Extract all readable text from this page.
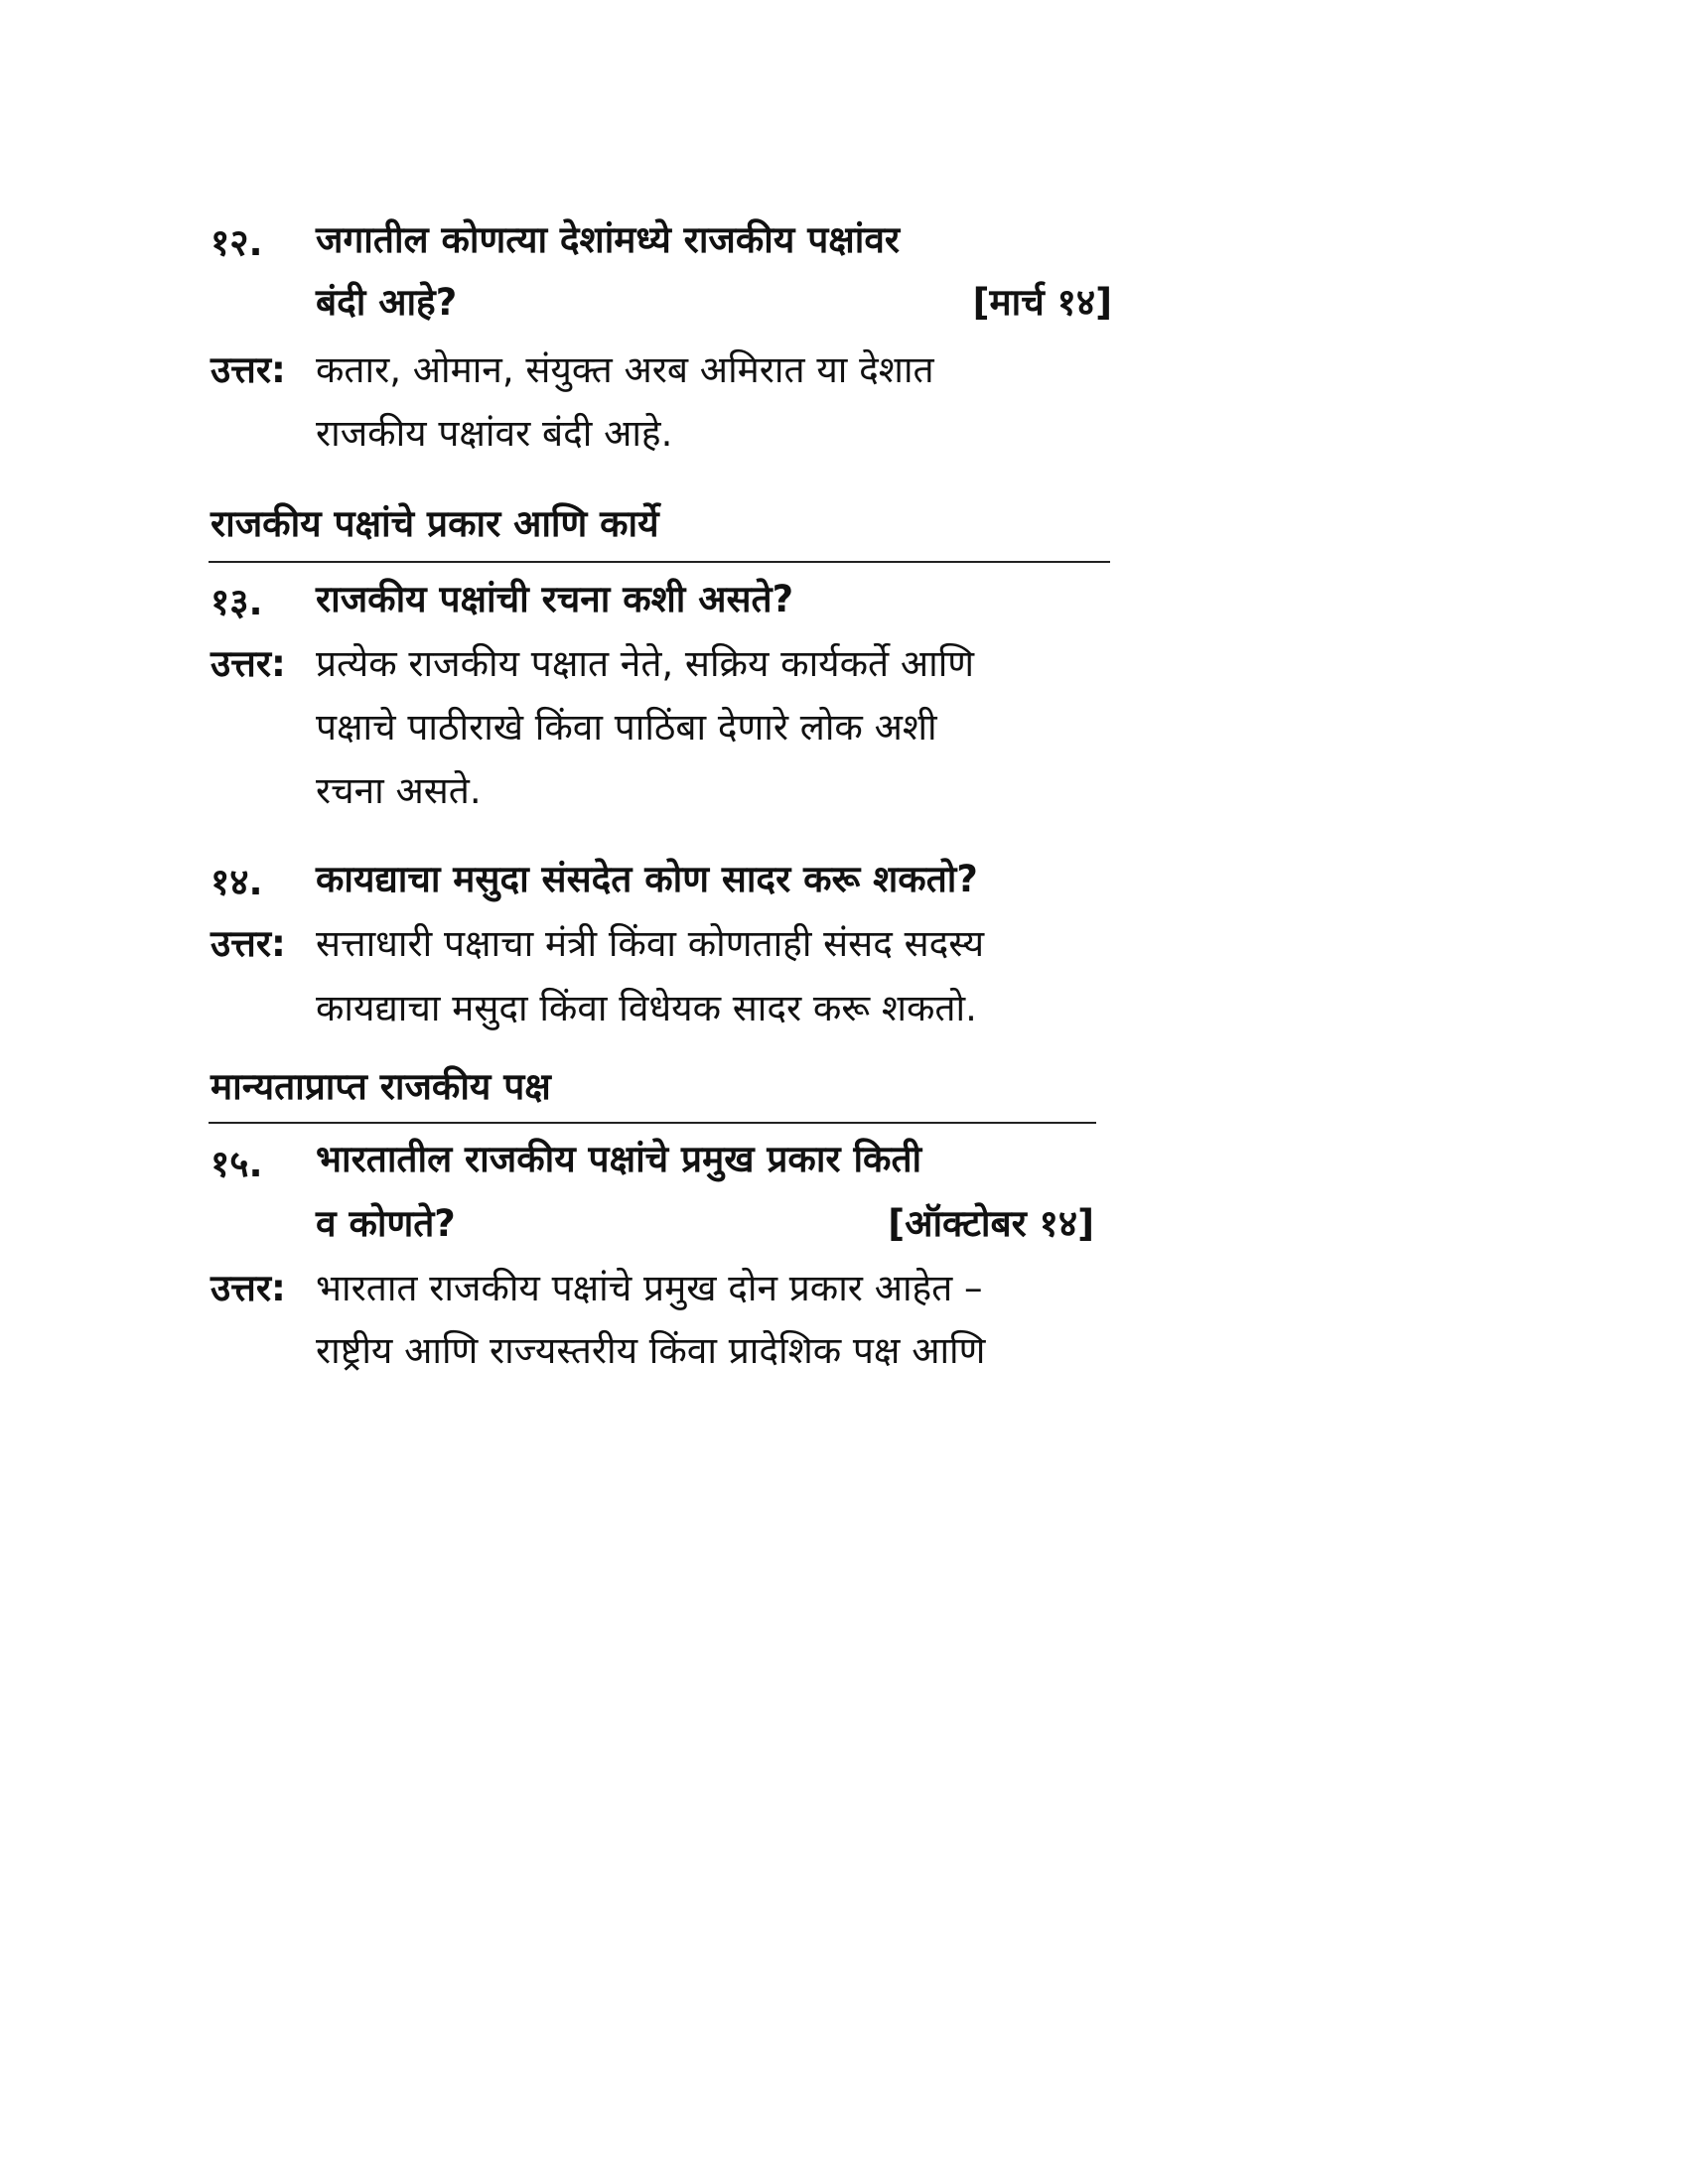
१२. जगातील कोणत्या देशांमध्ये राजकीय पक्षांवर
बंदी आहे?	[मार्च १४]
उत्तर: कतार, ओमान, संयुक्त अरब अमिरात या देशात
राजकीय पक्षांवर बंदी आहे.
राजकीय पक्षांचे प्रकार आणि कार्ये
१३. राजकीय पक्षांची रचना कशी असते?
उत्तर: प्रत्येक राजकीय पक्षात नेते, सक्रिय कार्यकर्ते आणि
पक्षाचे पाठीराखे किंवा पाठिंबा देणारे लोक अशी
रचना असते.
१४. कायद्याचा मसुदा संसदेत कोण सादर करू शकतो?
उत्तर: सत्ताधारी पक्षाचा मंत्री किंवा कोणताही संसद सदस्य
कायद्याचा मसुदा किंवा विधेयक सादर करू शकतो.
मान्यताप्राप्त राजकीय पक्ष
१५. भारतातील राजकीय पक्षांचे प्रमुख प्रकार किती
व कोणते?	[ऑक्टोबर १४]
उत्तर: भारतात राजकीय पक्षांचे प्रमुख दोन प्रकार आहेत –
राष्ट्रीय आणि राज्यस्तरीय किंवा प्रादेशिक पक्ष आणि
